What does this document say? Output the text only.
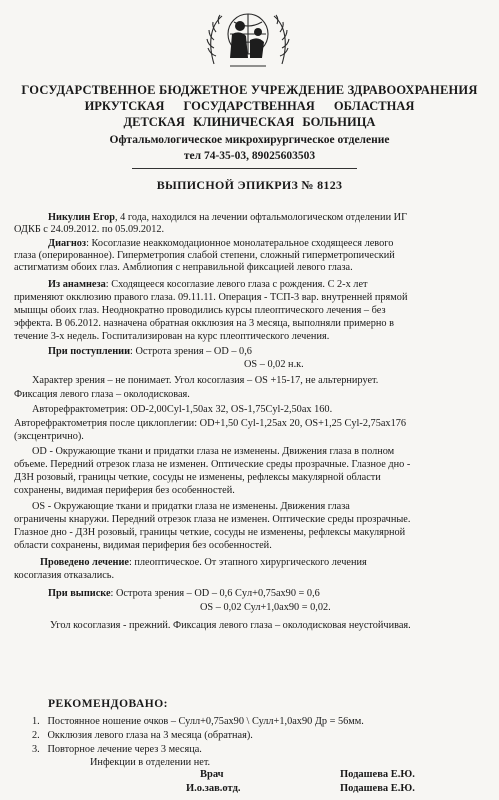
ГОСУДАРСТВЕННОЕ БЮДЖЕТНОЕ УЧРЕЖДЕНИЕ ЗДРАВООХРАНЕНИЯ
ИРКУТСКАЯ ГОСУДАРСТВЕННАЯ ОБЛАСТНАЯ
ДЕТСКАЯ КЛИНИЧЕСКАЯ БОЛЬНИЦА
Офтальмологическое микрохирургическое отделение
тел 74-35-03, 89025603503
ВЫПИСНОЙ ЭПИКРИЗ № 8123
Никулин Егор, 4 года, находился на лечении офтальмологическом отделении ИГ
ОДКБ с 24.09.2012. по 05.09.2012.
Диагноз: Косоглазие неаккомодационное монолатеральное сходящееся левого
глаза (оперированное). Гиперметропия слабой степени, сложный гиперметропический
астигматизм обоих глаз. Амблиопия с неправильной фиксацией левого глаза.
Из анамнеза: Сходящееся косоглазие левого глаза с рождения. С 2-х лет
применяют окклюзию правого глаза. 09.11.11. Операция - ТСП-3 вар. внутренней прямой
мышцы обоих глаз. Неоднократно проводились курсы плеоптического лечения – без
эффекта. В 06.2012. назначена обратная окклюзия на 3 месяца, выполняли примерно в
течение 3-х недель. Госпитализирован на курс плеоптического лечения.
При поступлении: Острота зрения – OD – 0,6
OS – 0,02 н.к.
Характер зрения – не понимает. Угол косоглазия – OS +15-17, не альтернирует.
Фиксация левого глаза – околодисковая.
Авторефрактометрия: OD-2,00Cyl-1,50ax 32, OS-1,75Cyl-2,50ax 160.
Авторефрактометрия после циклоплегии: OD+1,50 Cyl-1,25ax 20, OS+1,25 Cyl-2,75ax176
(эксцентрично).
OD - Окружающие ткани и придатки глаза не изменены. Движения глаза в полном
объеме. Передний отрезок глаза не изменен. Оптические среды прозрачные. Глазное дно -
ДЗН розовый, границы четкие, сосуды не изменены, рефлексы макулярной области
сохранены, видимая периферия без особенностей.
OS - Окружающие ткани и придатки глаза не изменены. Движения глаза
ограничены кнаружи. Передний отрезок глаза не изменен. Оптические среды прозрачные.
Глазное дно - ДЗН розовый, границы четкие, сосуды не изменены, рефлексы макулярной
области сохранены, видимая периферия без особенностей.
Проведено лечение: плеоптическое. От этапного хирургического лечения
косоглазия отказались.
При выписке: Острота зрения – OD – 0,6 Cyл+0,75ax90 = 0,6
OS – 0,02 Сул+1,0ax90 = 0,02.
Угол косоглазия - прежний. Фиксация левого глаза – околодисковая неустойчивая.
РЕКОМЕНДОВАНО:
1. Постоянное ношение очков – Сулл+0,75ax90 \ Сулл+1,0ax90 Др = 56мм.
2. Окклюзия левого глаза на 3 месяца (обратная).
3. Повторное лечение через 3 месяца.
Инфекции в отделении нет.
Врач	Подашева Е.Ю.
И.о.зав.отд.	Подашева Е.Ю.
